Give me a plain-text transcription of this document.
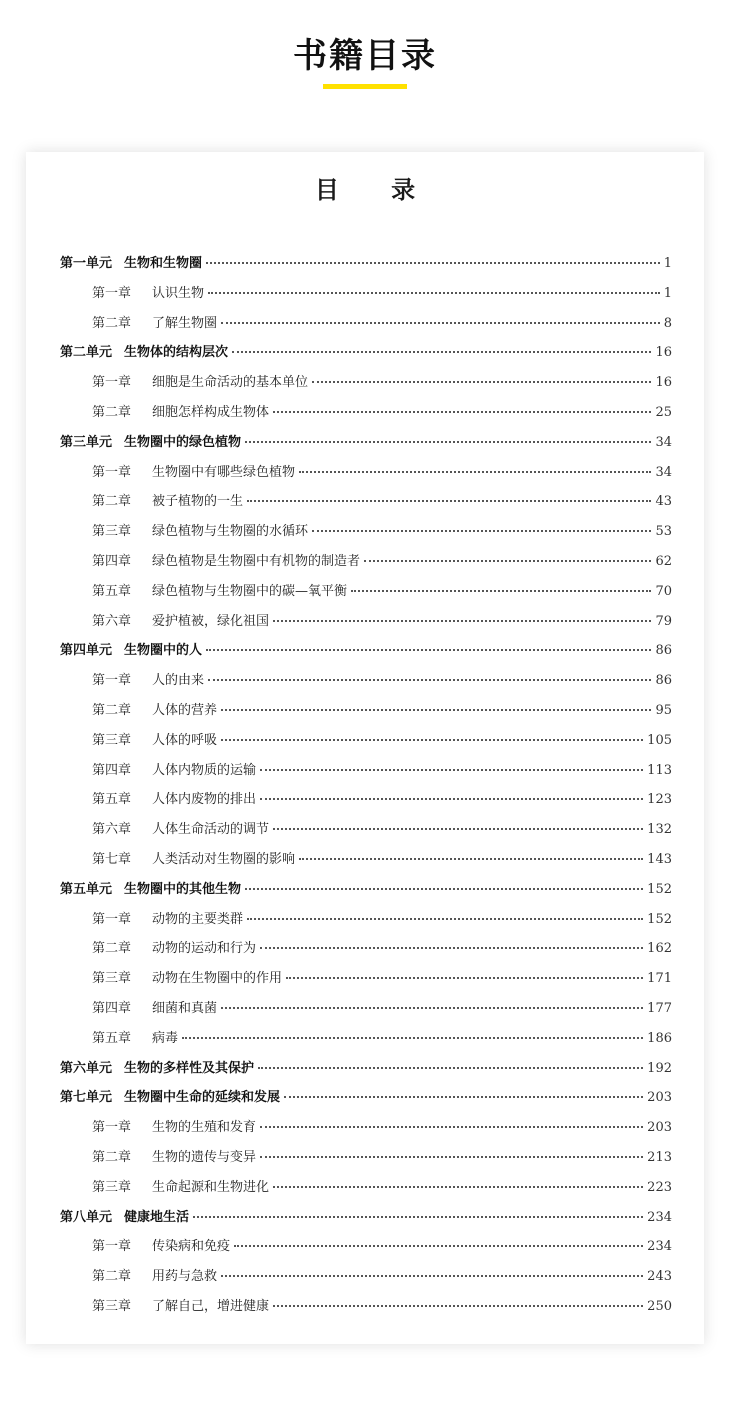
书籍目录
目 录
第一单元 生物和生物圈	1
第一章	认识生物	1
第二章	了解生物圈	8
第二单元 生物体的结构层次	16
第一章	细胞是生命活动的基本单位	16
第二章	细胞怎样构成生物体	25
第三单元 生物圈中的绿色植物	34
第一章	生物圈中有哪些绿色植物	34
第二章	被子植物的一生	43
第三章	绿色植物与生物圈的水循环	53
第四章	绿色植物是生物圈中有机物的制造者	62
第五章	绿色植物与生物圈中的碳—氧平衡	70
第六章	爱护植被，绿化祖国	79
第四单元 生物圈中的人	86
第一章	人的由来	86
第二章	人体的营养	95
第三章	人体的呼吸	105
第四章	人体内物质的运输	113
第五章	人体内废物的排出	123
第六章	人体生命活动的调节	132
第七章	人类活动对生物圈的影响	143
第五单元 生物圈中的其他生物	152
第一章	动物的主要类群	152
第二章	动物的运动和行为	162
第三章	动物在生物圈中的作用	171
第四章	细菌和真菌	177
第五章	病毒	186
第六单元 生物的多样性及其保护	192
第七单元 生物圈中生命的延续和发展	203
第一章	生物的生殖和发育	203
第二章	生物的遗传与变异	213
第三章	生命起源和生物进化	223
第八单元 健康地生活	234
第一章	传染病和免疫	234
第二章	用药与急救	243
第三章	了解自己，增进健康	250
